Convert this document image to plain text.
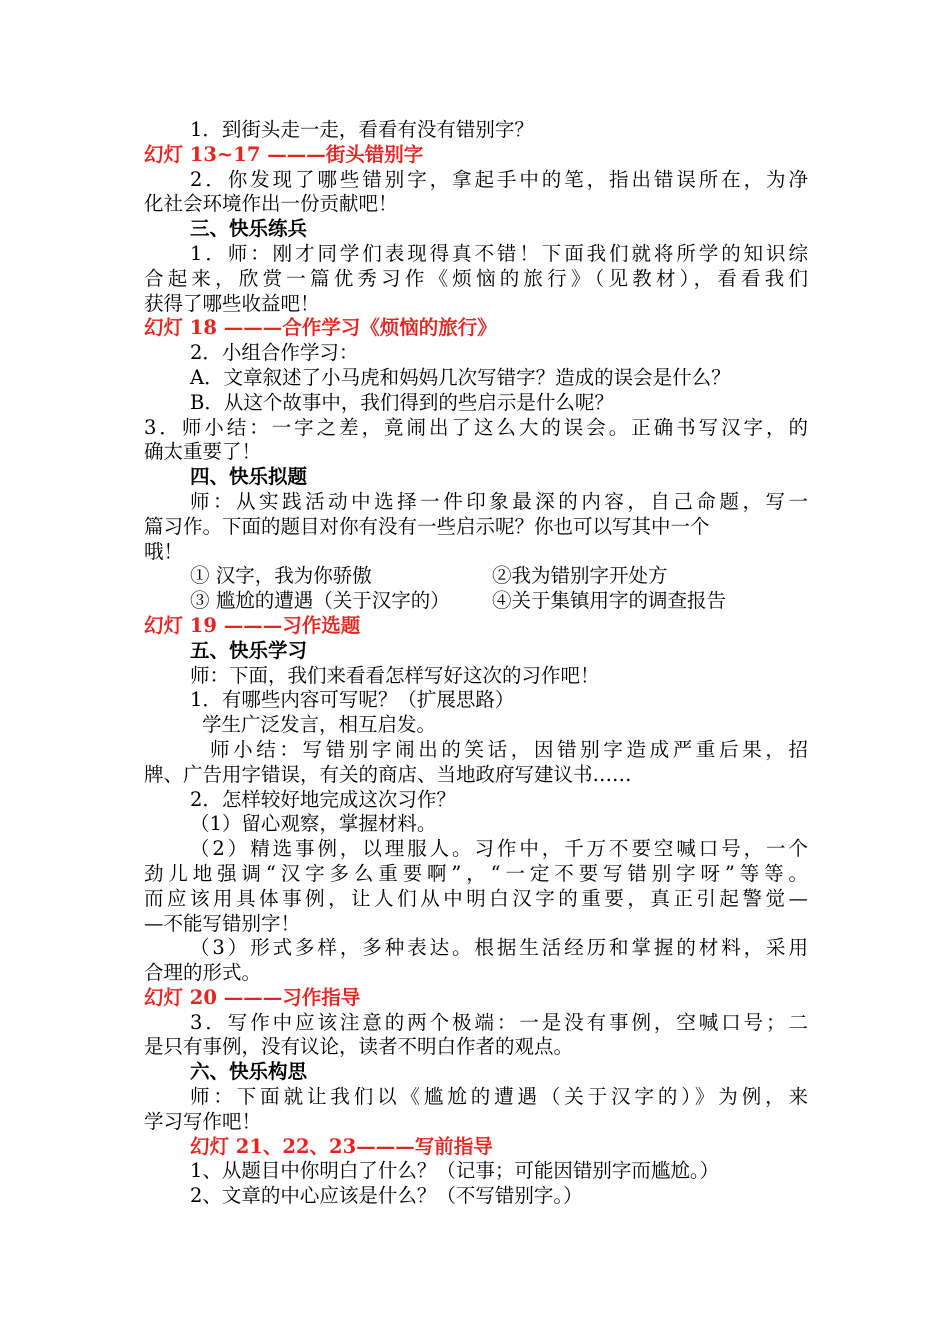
1．到街头走一走，看看有没有错别字？
幻灯 13~17 ———街头错别字
2．你发现了哪些错别字，拿起手中的笔，指出错误所在，为净
化社会环境作出一份贡献吧！
三、快乐练兵
1．师：刚才同学们表现得真不错！下面我们就将所学的知识综
合起来，欣赏一篇优秀习作《烦恼的旅行》（见教材），看看我们
获得了哪些收益吧！
幻灯 18 ———合作学习《烦恼的旅行》
2．小组合作学习：
A．文章叙述了小马虎和妈妈几次写错字？造成的误会是什么？
B．从这个故事中，我们得到的些启示是什么呢？
3．师小结：一字之差，竟闹出了这么大的误会。正确书写汉字，的
确太重要了！
四、快乐拟题
师：从实践活动中选择一件印象最深的内容，自己命题，写一
篇习作。下面的题目对你有没有一些启示呢？你也可以写其中一个
哦！
① 汉字，我为你骄傲	②我为错别字开处方
③ 尴尬的遭遇（关于汉字的） ④关于集镇用字的调查报告
幻灯 19 ———习作选题
五、快乐学习
师：下面，我们来看看怎样写好这次的习作吧！
1．有哪些内容可写呢？（扩展思路）
学生广泛发言，相互启发。
师小结：写错别字闹出的笑话，因错别字造成严重后果，招
牌、广告用字错误，有关的商店、当地政府写建议书……
2．怎样较好地完成这次习作？
（1）留心观察，掌握材料。
（2）精选事例，以理服人。习作中，千万不要空喊口号，一个
劲儿地强调“汉字多么重要啊”，“一定不要写错别字呀”等等。
而应该用具体事例，让人们从中明白汉字的重要，真正引起警觉—
—不能写错别字！
（3）形式多样，多种表达。根据生活经历和掌握的材料，采用
合理的形式。
幻灯 20 ———习作指导
3．写作中应该注意的两个极端：一是没有事例，空喊口号；二
是只有事例，没有议论，读者不明白作者的观点。
六、快乐构思
师：下面就让我们以《尴尬的遭遇（关于汉字的）》为例，来
学习写作吧！
幻灯 21、22、23———写前指导
1、从题目中你明白了什么？（记事；可能因错别字而尴尬。）
2、文章的中心应该是什么？（不写错别字。）
